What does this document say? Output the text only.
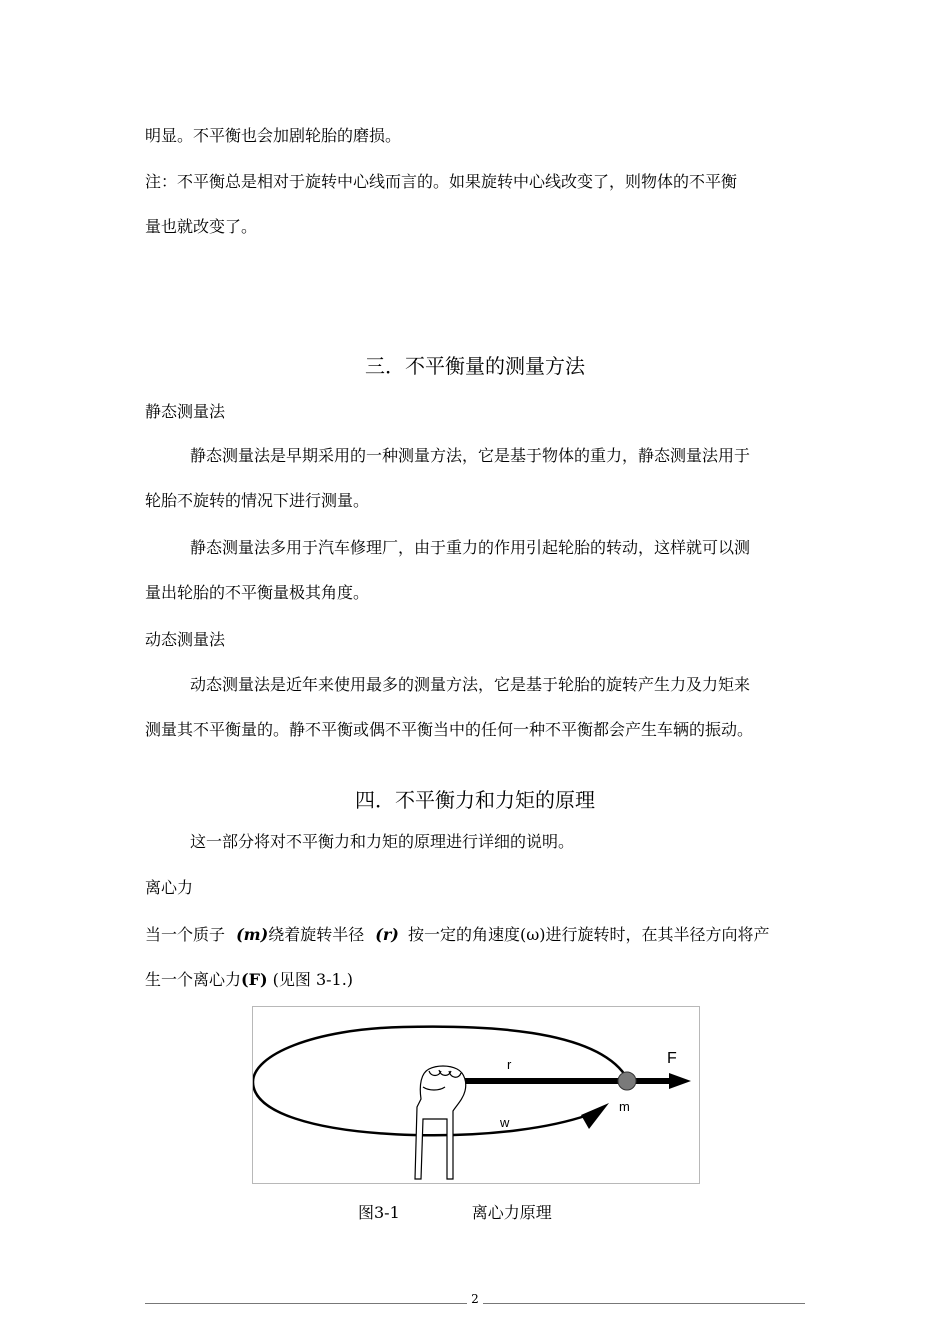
明显。不平衡也会加剧轮胎的磨损。
注：不平衡总是相对于旋转中心线而言的。如果旋转中心线改变了，则物体的不平衡
量也就改变了。
三．不平衡量的测量方法
静态测量法
静态测量法是早期采用的一种测量方法，它是基于物体的重力，静态测量法用于
轮胎不旋转的情况下进行测量。
静态测量法多用于汽车修理厂，由于重力的作用引起轮胎的转动，这样就可以测
量出轮胎的不平衡量极其角度。
动态测量法
动态测量法是近年来使用最多的测量方法，它是基于轮胎的旋转产生力及力矩来
测量其不平衡量的。静不平衡或偶不平衡当中的任何一种不平衡都会产生车辆的振动。
四．不平衡力和力矩的原理
这一部分将对不平衡力和力矩的原理进行详细的说明。
离心力
当一个质子 (m)绕着旋转半径 (r) 按一定的角速度(ω)进行旋转时，在其半径方向将产
生一个离心力(F) (见图 3-1.)
r	F
m
w
图3-1	离心力原理
2
